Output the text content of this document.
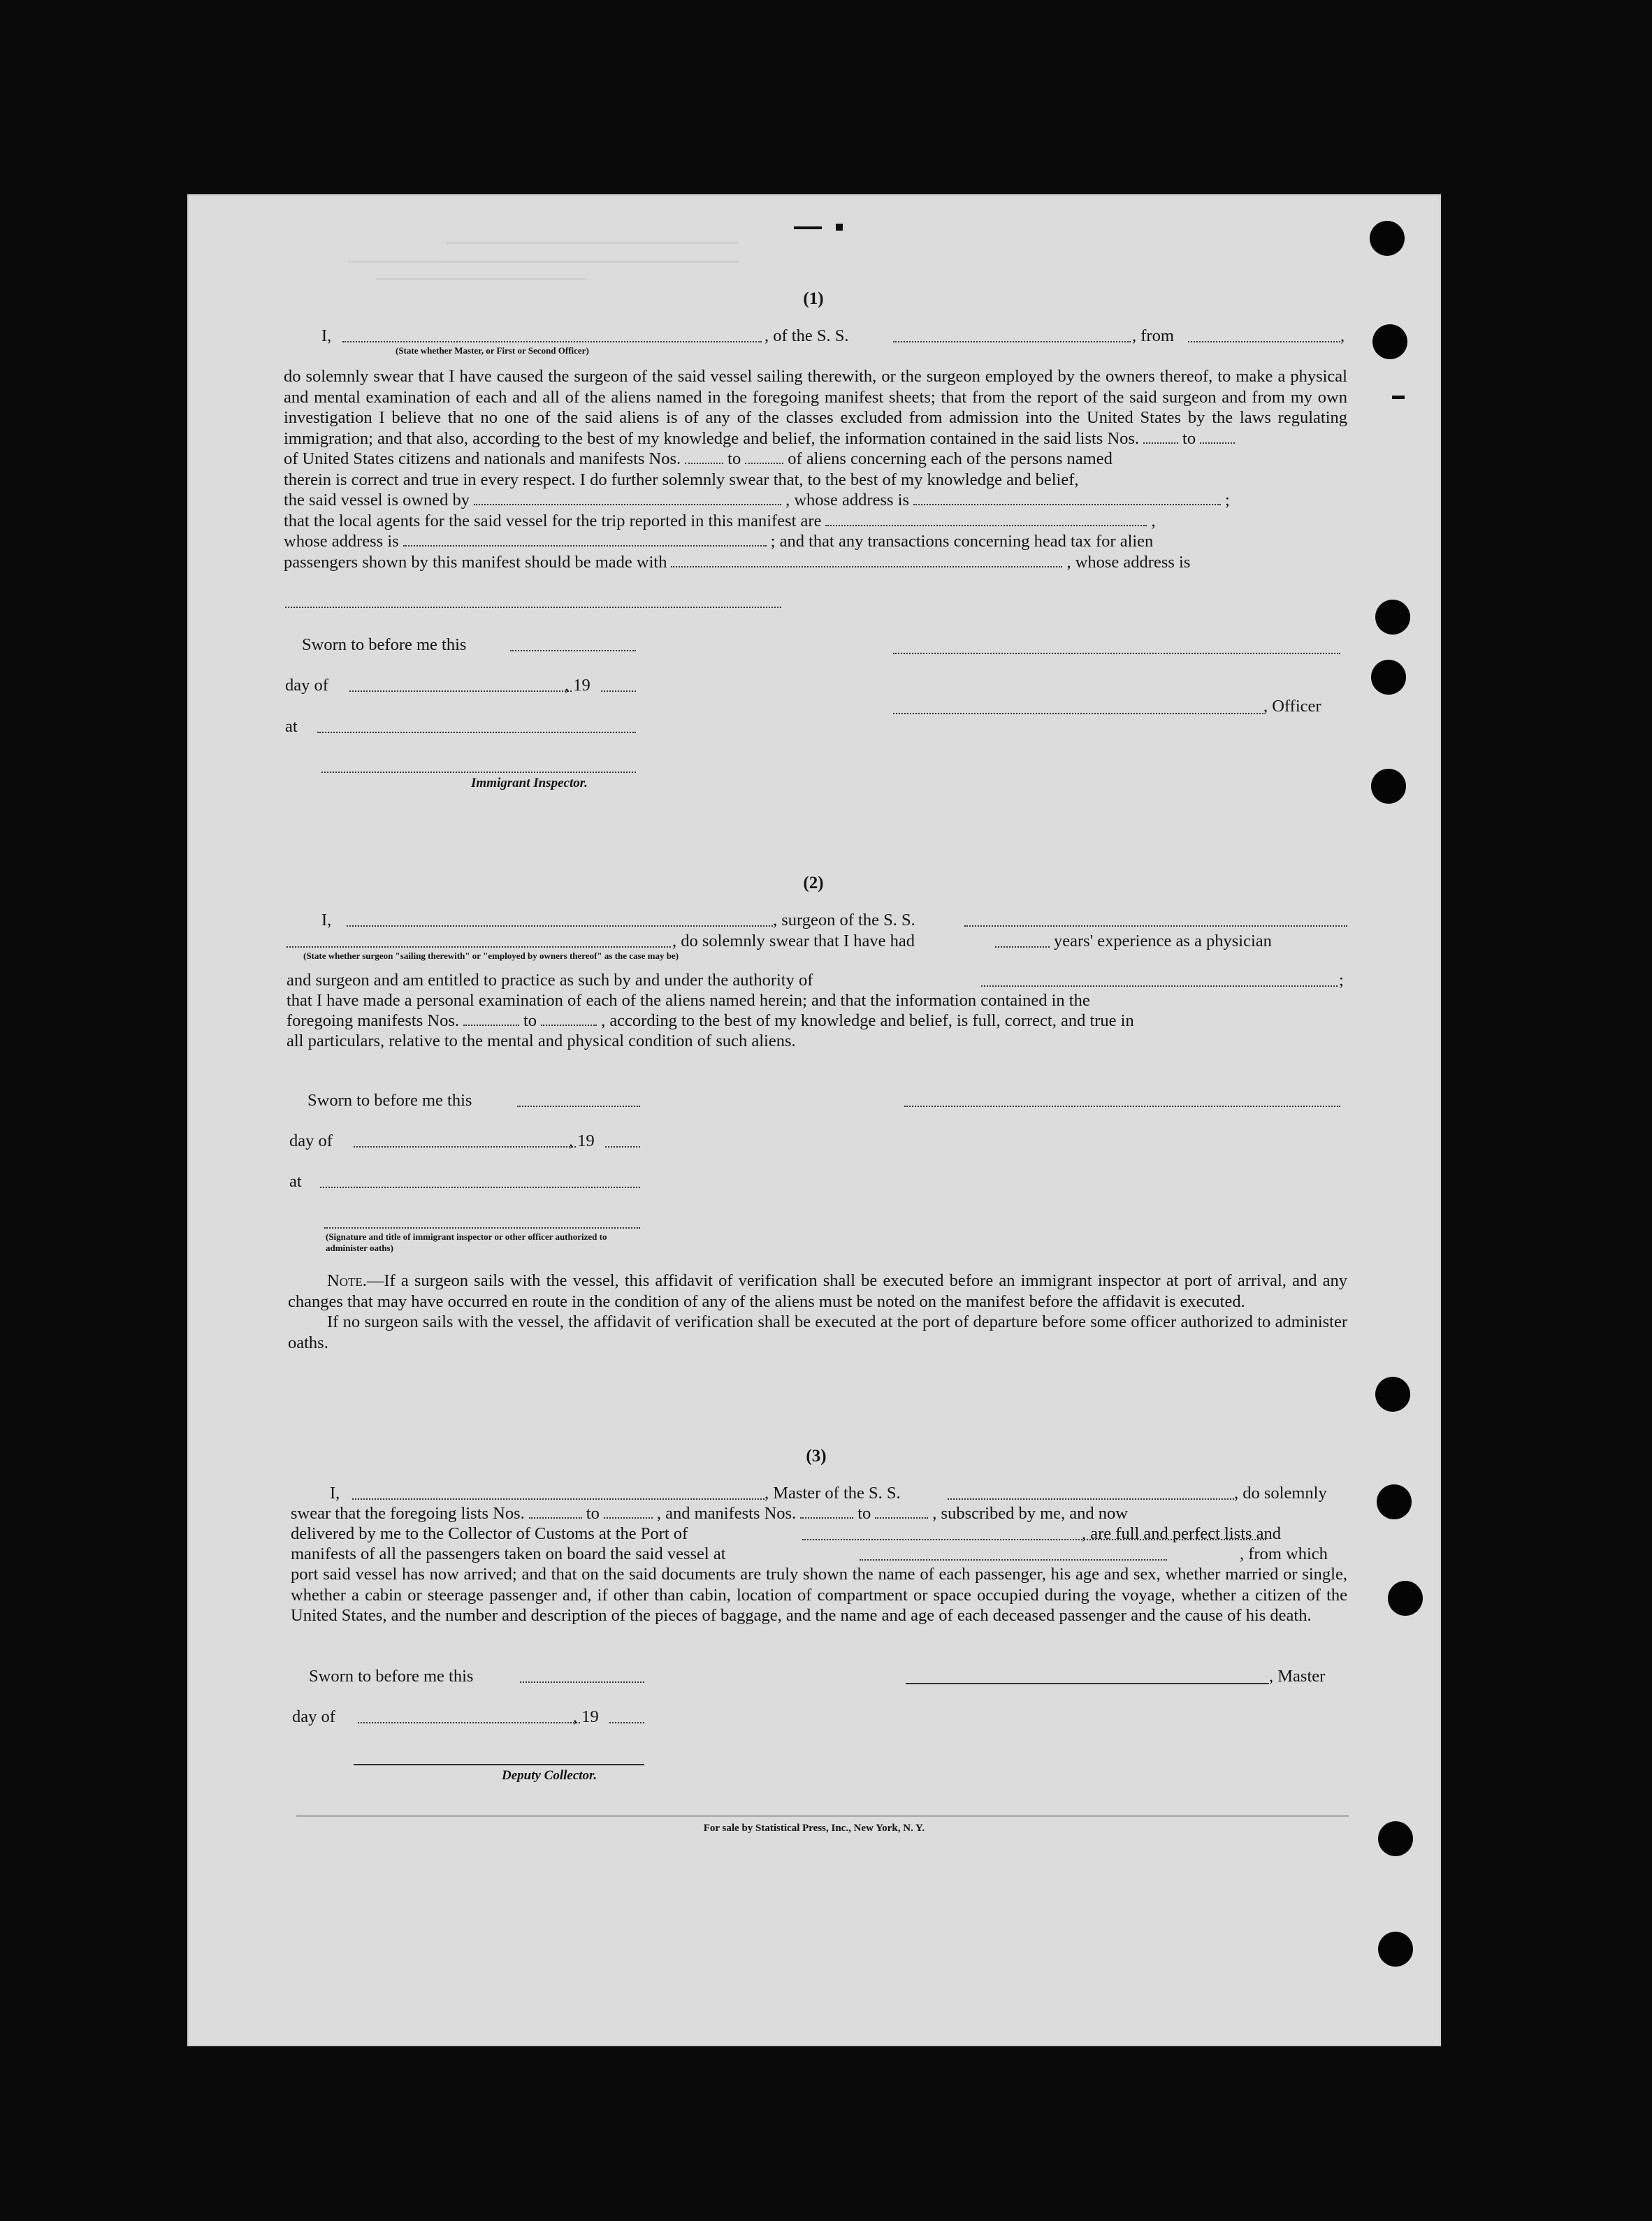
(1)
I,	, of the S. S.	, from	,
(State whether Master, or First or Second Officer)

do solemnly swear that I have caused the surgeon of the said vessel sailing therewith, or the surgeon employed by the owners thereof, to make a physical and mental examination of each and all of the aliens named in the foregoing manifest sheets; that from the report of the said surgeon and from my own investigation I believe that no one of the said aliens is of any of the classes excluded from admission into the United States by the laws regulating immigration; and that also, according to the best of my knowledge and belief, the information contained in the said lists Nos.	to

of United States citizens and nationals and manifests Nos.	to	of aliens concerning each of the persons named

therein is correct and true in every respect. I do further solemnly swear that, to the best of my knowledge and belief,

the said vessel is owned by	, whose address is	;

that the local agents for the said vessel for the trip reported in this manifest are	,

whose address is	; and that any transactions concerning head tax for alien

passengers shown by this manifest should be made with	, whose address is

Sworn to before me this
day of	, 19
at
Immigrant Inspector.
, Officer
(2)
I,	, surgeon of the S. S.
, do solemnly swear that I have had	years' experience as a physician
(State whether surgeon "sailing therewith" or "employed by owners thereof" as the case may be)
and surgeon and am entitled to practice as such by and under the authority of	;
that I have made a personal examination of each of the aliens named herein; and that the information contained in the
foregoing manifests Nos.	to	, according to the best of my knowledge and belief, is full, correct, and true in
all particulars, relative to the mental and physical condition of such aliens.
Sworn to before me this
day of	, 19
at
(Signature and title of immigrant inspector or other officer authorized to administer oaths)

Note.—If a surgeon sails with the vessel, this affidavit of verification shall be executed before an immigrant inspector at port of arrival, and any changes that may have occurred en route in the condition of any of the aliens must be noted on the manifest before the affidavit is executed.

If no surgeon sails with the vessel, the affidavit of verification shall be executed at the port of departure before some officer authorized to administer oaths.

(3)
I,	, Master of the S. S.	, do solemnly
swear that the foregoing lists Nos.	to	, and manifests Nos.	to	, subscribed by me, and now
delivered by me to the Collector of Customs at the Port of	, are full and perfect lists and
manifests of all the passengers taken on board the said vessel at	, from which
port said vessel has now arrived; and that on the said documents are truly shown the name of each passenger, his age and sex, whether married or single, whether a cabin or steerage passenger and, if other than cabin, location of compartment or space occupied during the voyage, whether a citizen of the United States, and the number and description of the pieces of baggage, and the name and age of each deceased passenger and the cause of his death.
Sworn to before me this
day of	, 19
Deputy Collector.
, Master
For sale by Statistical Press, Inc., New York, N. Y.
